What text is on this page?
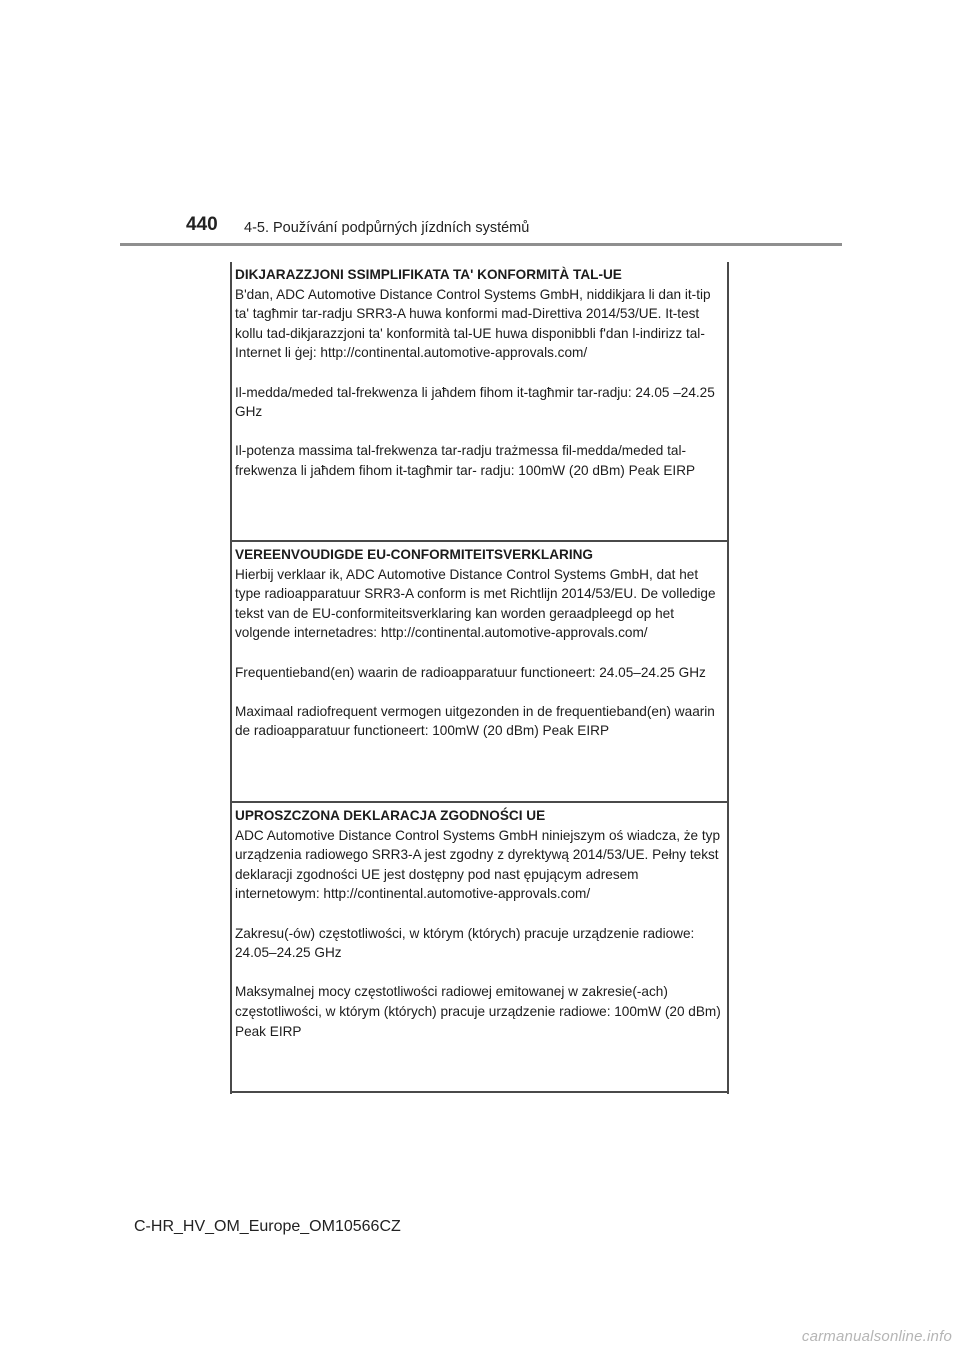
440 4-5. Používání podpůrných jízdních systémů
DIKJARAZZJONI SSIMPLIFIKATA TA' KONFORMITÀ TAL-UE
B'dan, ADC Automotive Distance Control Systems GmbH, niddikjara li dan it-tip ta' tagħmir tar-radju SRR3-A huwa konformi mad-Direttiva 2014/53/UE. It-test kollu tad-dikjarazzjoni ta' konformità tal-UE huwa disponibbli f'dan l-indirizz tal-Internet li ġej: http://continental.automotive-approvals.com/
Il-medda/meded tal-frekwenza li jaħdem fihom it-tagħmir tar-radju: 24.05 –24.25 GHz
Il-potenza massima tal-frekwenza tar-radju trażmessa fil-medda/meded tal-frekwenza li jaħdem fihom it-tagħmir tar- radju: 100mW (20 dBm) Peak EIRP
VEREENVOUDIGDE EU-CONFORMITEITSVERKLARING
Hierbij verklaar ik, ADC Automotive Distance Control Systems GmbH, dat het type radioapparatuur SRR3-A conform is met Richtlijn 2014/53/EU. De volledige tekst van de EU-conformiteitsverklaring kan worden geraadpleegd op het volgende internetadres: http://continental.automotive-approvals.com/
Frequentieband(en) waarin de radioapparatuur functioneert: 24.05–24.25 GHz
Maximaal radiofrequent vermogen uitgezonden in de frequentieband(en) waarin de radioapparatuur functioneert: 100mW (20 dBm) Peak EIRP
UPROSZCZONA DEKLARACJA ZGODNOŚCI UE
ADC Automotive Distance Control Systems GmbH niniejszym oś wiadcza, że typ urządzenia radiowego SRR3-A jest zgodny z dyrektywą 2014/53/UE. Pełny tekst deklaracji zgodności UE jest dostępny pod nast ępującym adresem internetowym: http://continental.automotive-approvals.com/
Zakresu(-ów) częstotliwości, w którym (których) pracuje urządzenie radiowe: 24.05–24.25 GHz
Maksymalnej mocy częstotliwości radiowej emitowanej w zakresie(-ach) częstotliwości, w którym (których) pracuje urządzenie radiowe: 100mW (20 dBm) Peak EIRP
C-HR_HV_OM_Europe_OM10566CZ
carmanualsonline.info
